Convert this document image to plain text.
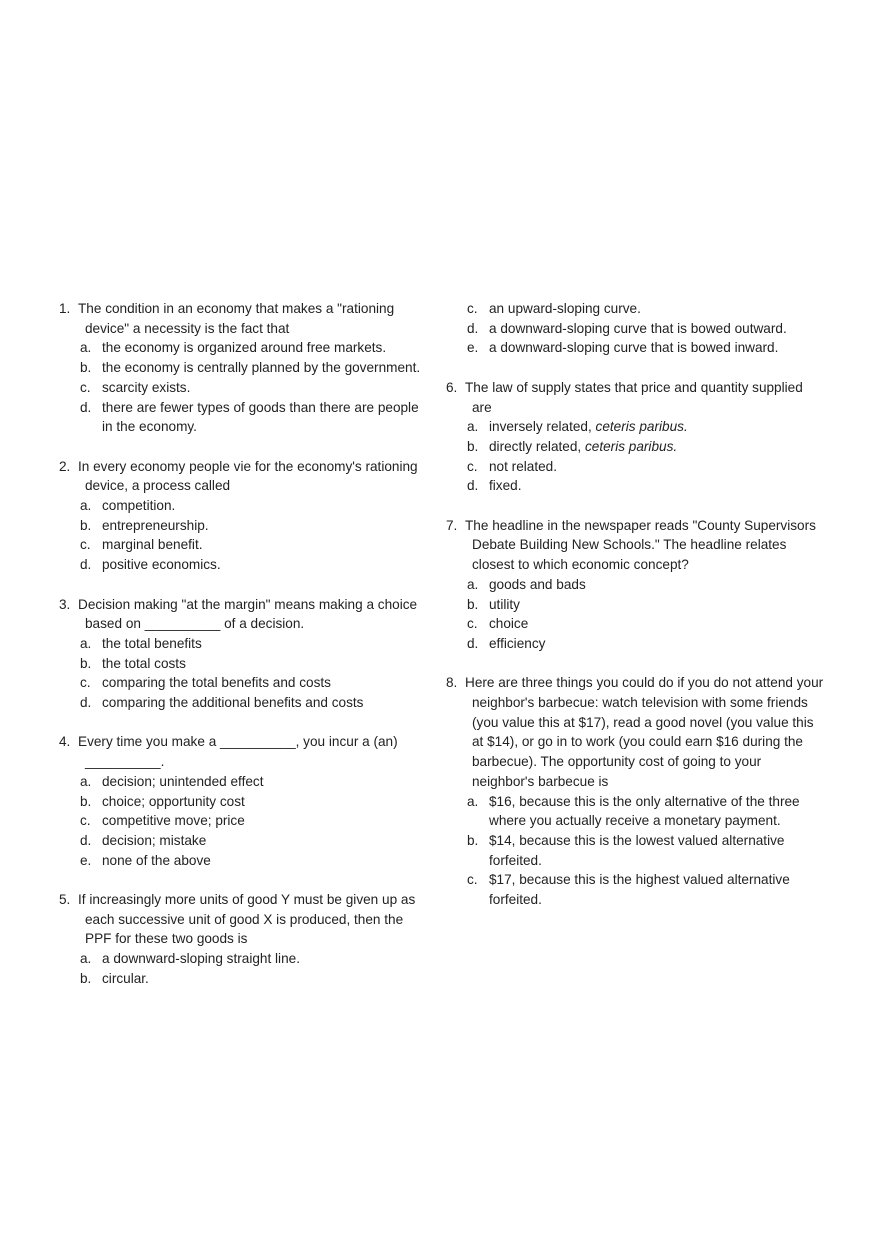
1. The condition in an economy that makes a "rationing device" a necessity is the fact that
a. the economy is organized around free markets.
b. the economy is centrally planned by the government.
c. scarcity exists.
d. there are fewer types of goods than there are people in the economy.
2. In every economy people vie for the economy's rationing device, a process called
a. competition.
b. entrepreneurship.
c. marginal benefit.
d. positive economics.
3. Decision making "at the margin" means making a choice based on __________ of a decision.
a. the total benefits
b. the total costs
c. comparing the total benefits and costs
d. comparing the additional benefits and costs
4. Every time you make a __________, you incur a (an) __________.
a. decision; unintended effect
b. choice; opportunity cost
c. competitive move; price
d. decision; mistake
e. none of the above
5. If increasingly more units of good Y must be given up as each successive unit of good X is produced, then the PPF for these two goods is
a. a downward-sloping straight line.
b. circular.
c. an upward-sloping curve.
d. a downward-sloping curve that is bowed outward.
e. a downward-sloping curve that is bowed inward.
6. The law of supply states that price and quantity supplied are
a. inversely related, ceteris paribus.
b. directly related, ceteris paribus.
c. not related.
d. fixed.
7. The headline in the newspaper reads "County Supervisors Debate Building New Schools." The headline relates closest to which economic concept?
a. goods and bads
b. utility
c. choice
d. efficiency
8. Here are three things you could do if you do not attend your neighbor's barbecue: watch television with some friends (you value this at $17), read a good novel (you value this at $14), or go in to work (you could earn $16 during the barbecue). The opportunity cost of going to your neighbor's barbecue is
a. $16, because this is the only alternative of the three where you actually receive a monetary payment.
b. $14, because this is the lowest valued alternative forfeited.
c. $17, because this is the highest valued alternative forfeited.
